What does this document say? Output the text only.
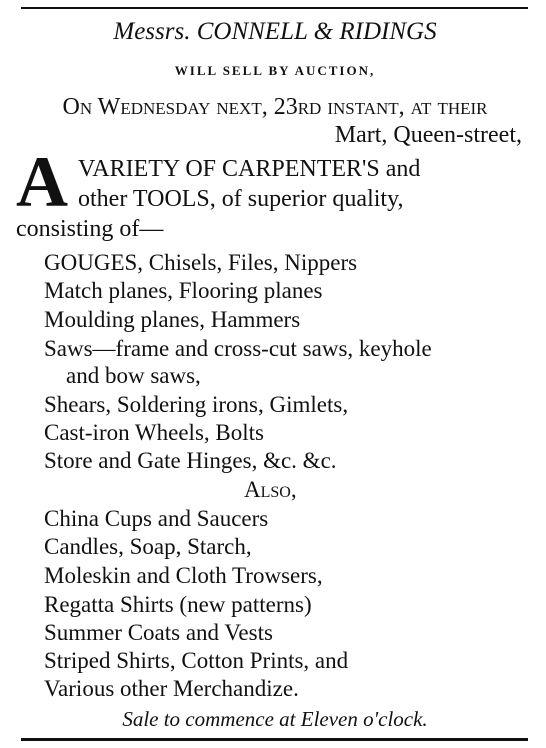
Messrs. CONNELL & RIDINGS

WILL SELL BY AUCTION,

On Wednesday next, 23rd instant, at their

Mart, Queen-street,

A VARIETY OF CARPENTER'S and

other TOOLS, of superior quality,

consisting of—

GOUGES, Chisels, Files, Nippers

Match planes, Flooring planes

Moulding planes, Hammers

Saws—frame and cross-cut saws, keyhole

and bow saws,

Shears, Soldering irons, Gimlets,

Cast-iron Wheels, Bolts

Store and Gate Hinges, &c. &c.

Also,

China Cups and Saucers

Candles, Soap, Starch,

Moleskin and Cloth Trowsers,

Regatta Shirts (new patterns)

Summer Coats and Vests

Striped Shirts, Cotton Prints, and

Various other Merchandize.

Sale to commence at Eleven o'clock.
